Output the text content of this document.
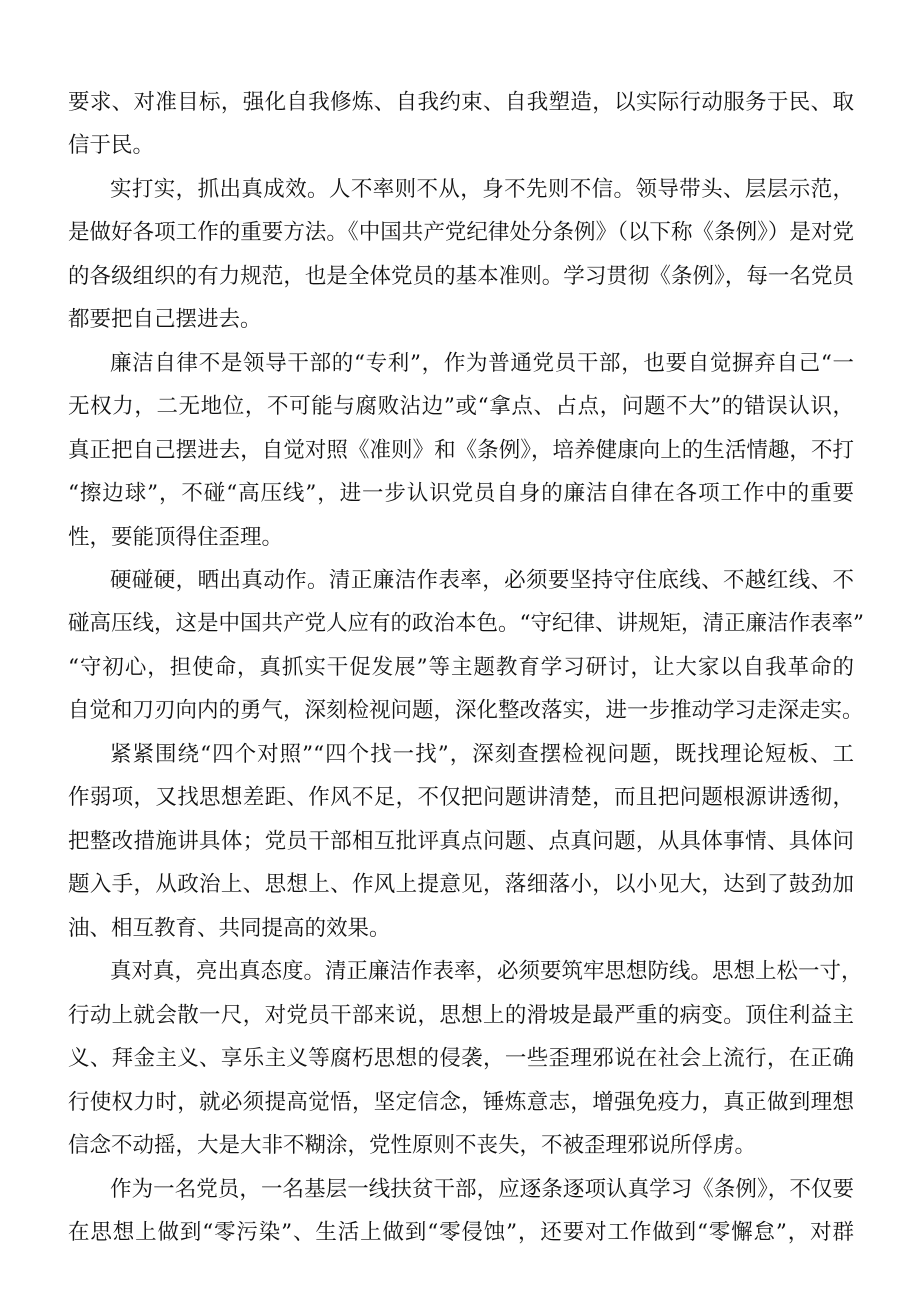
要求、对准目标，强化自我修炼、自我约束、自我塑造，以实际行动服务于民、取
信于民。
实打实，抓出真成效。人不率则不从，身不先则不信。领导带头、层层示范，
是做好各项工作的重要方法。《中国共产党纪律处分条例》（以下称《条例》）是对党
的各级组织的有力规范，也是全体党员的基本准则。学习贯彻《条例》，每一名党员
都要把自己摆进去。
廉洁自律不是领导干部的“专利”，作为普通党员干部，也要自觉摒弃自己“一
无权力，二无地位，不可能与腐败沾边”或“拿点、占点，问题不大”的错误认识，
真正把自己摆进去，自觉对照《准则》和《条例》，培养健康向上的生活情趣，不打
“擦边球”，不碰“高压线”，进一步认识党员自身的廉洁自律在各项工作中的重要
性，要能顶得住歪理。
硬碰硬，晒出真动作。清正廉洁作表率，必须要坚持守住底线、不越红线、不
碰高压线，这是中国共产党人应有的政治本色。“守纪律、讲规矩，清正廉洁作表率”
“守初心，担使命，真抓实干促发展”等主题教育学习研讨，让大家以自我革命的
自觉和刀刃向内的勇气，深刻检视问题，深化整改落实，进一步推动学习走深走实。
紧紧围绕“四个对照”“四个找一找”，深刻查摆检视问题，既找理论短板、工
作弱项，又找思想差距、作风不足，不仅把问题讲清楚，而且把问题根源讲透彻，
把整改措施讲具体；党员干部相互批评真点问题、点真问题，从具体事情、具体问
题入手，从政治上、思想上、作风上提意见，落细落小，以小见大，达到了鼓劲加
油、相互教育、共同提高的效果。
真对真，亮出真态度。清正廉洁作表率，必须要筑牢思想防线。思想上松一寸，
行动上就会散一尺，对党员干部来说，思想上的滑坡是最严重的病变。顶住利益主
义、拜金主义、享乐主义等腐朽思想的侵袭，一些歪理邪说在社会上流行，在正确
行使权力时，就必须提高觉悟，坚定信念，锤炼意志，增强免疫力，真正做到理想
信念不动摇，大是大非不糊涂，党性原则不丧失，不被歪理邪说所俘虏。
作为一名党员，一名基层一线扶贫干部，应逐条逐项认真学习《条例》，不仅要
在思想上做到“零污染”、生活上做到“零侵蚀”，还要对工作做到“零懈怠”，对群
